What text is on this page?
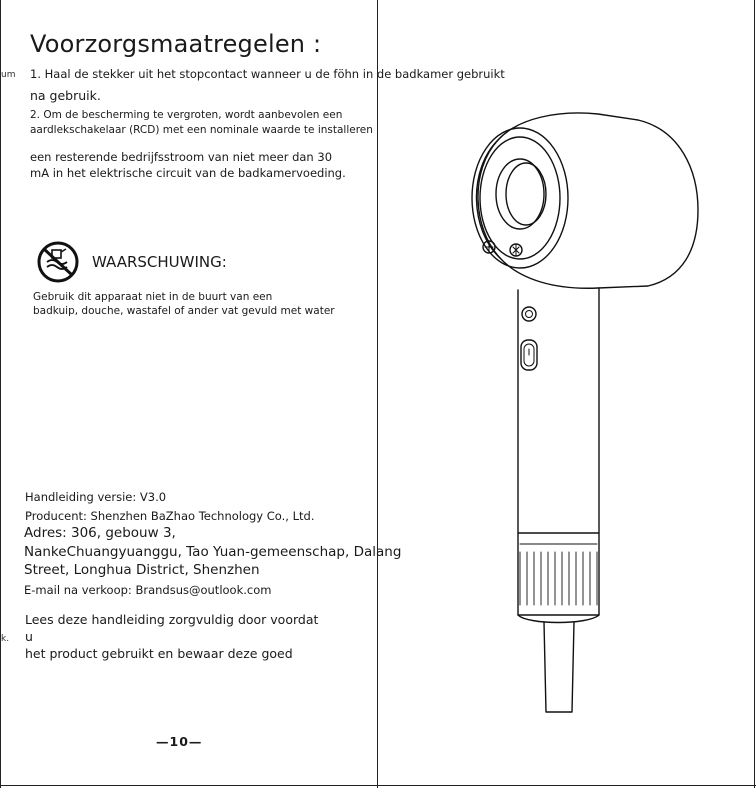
um
k.
Voorzorgsmaatregelen :
1. Haal de stekker uit het stopcontact wanneer u de föhn in de badkamer gebruikt
na gebruik.
2. Om de bescherming te vergroten, wordt aanbevolen een
aardlekschakelaar (RCD) met een nominale waarde te installeren
een resterende bedrijfsstroom van niet meer dan 30
mA in het elektrische circuit van de badkamervoeding.
WAARSCHUWING:
Gebruik dit apparaat niet in de buurt van een
badkuip, douche, wastafel of ander vat gevuld met water
Handleiding versie: V3.0
Producent: Shenzhen BaZhao Technology Co., Ltd.
Adres: 306, gebouw 3,
NankeChuangyuanggu, Tao Yuan-gemeenschap, Dalang
Street, Longhua District, Shenzhen
E-mail na verkoop: Brandsus@outlook.com
Lees deze handleiding zorgvuldig door voordat
u
het product gebruikt en bewaar deze goed
—10—
